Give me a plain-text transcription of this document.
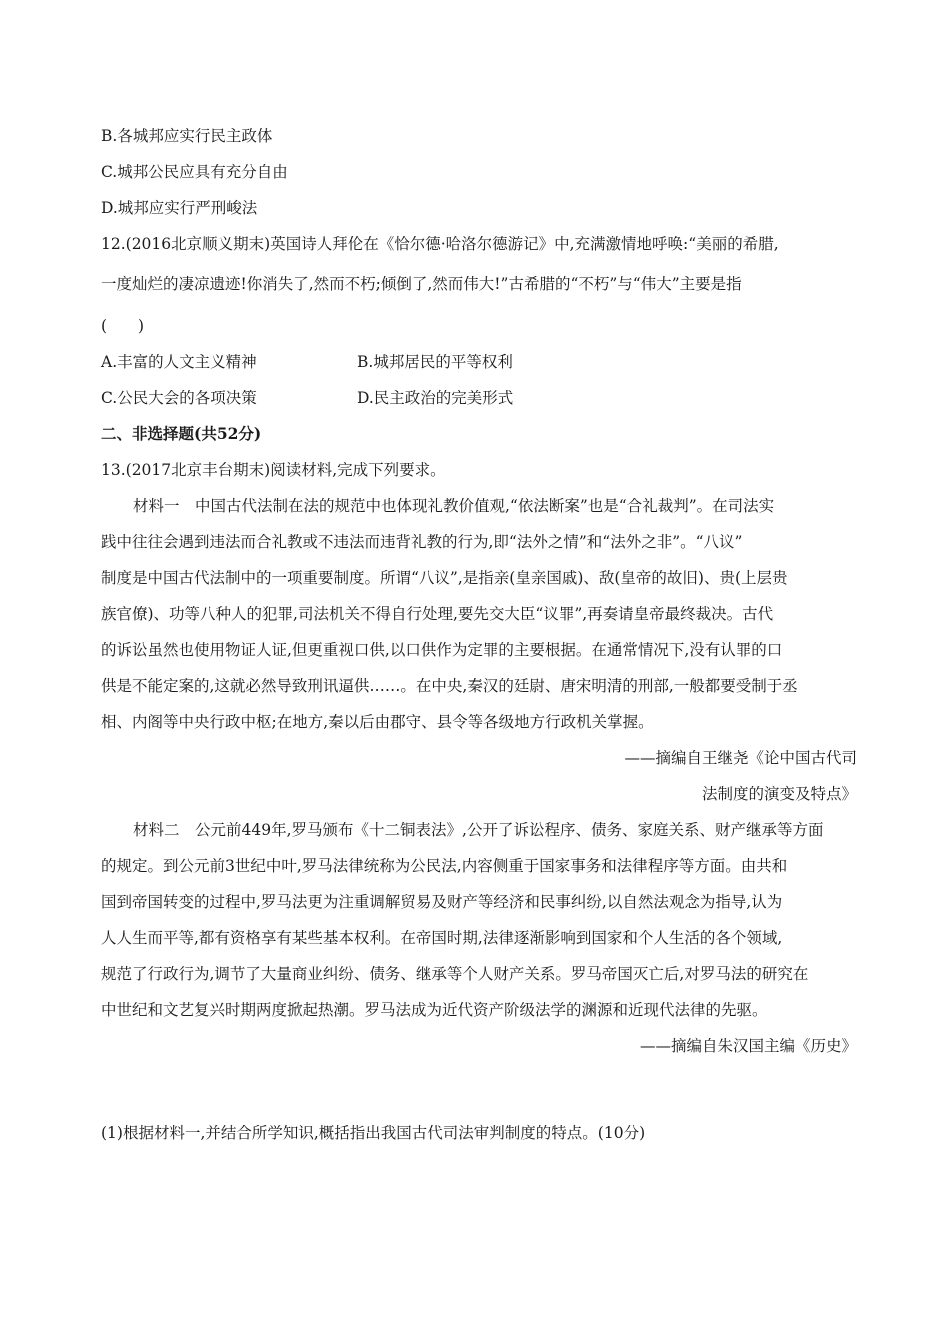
B.各城邦应实行民主政体
C.城邦公民应具有充分自由
D.城邦应实行严刑峻法
12.(2016北京顺义期末)英国诗人拜伦在《恰尔德·哈洛尔德游记》中,充满激情地呼唤:“美丽的希腊,
一度灿烂的凄凉遗迹!你消失了,然而不朽;倾倒了,然而伟大!”古希腊的“不朽”与“伟大”主要是指
(　　)
A.丰富的人文主义精神	B.城邦居民的平等权利
C.公民大会的各项决策	D.民主政治的完美形式
二、非选择题(共52分)
13.(2017北京丰台期末)阅读材料,完成下列要求。
材料一　中国古代法制在法的规范中也体现礼教价值观,“依法断案”也是“合礼裁判”。在司法实
践中往往会遇到违法而合礼教或不违法而违背礼教的行为,即“法外之情”和“法外之非”。“八议”
制度是中国古代法制中的一项重要制度。所谓“八议”,是指亲(皇亲国戚)、敌(皇帝的故旧)、贵(上层贵
族官僚)、功等八种人的犯罪,司法机关不得自行处理,要先交大臣“议罪”,再奏请皇帝最终裁决。古代
的诉讼虽然也使用物证人证,但更重视口供,以口供作为定罪的主要根据。在通常情况下,没有认罪的口
供是不能定案的,这就必然导致刑讯逼供……。在中央,秦汉的廷尉、唐宋明清的刑部,一般都要受制于丞
相、内阁等中央行政中枢;在地方,秦以后由郡守、县令等各级地方行政机关掌握。
——摘编自王继尧《论中国古代司
法制度的演变及特点》
材料二　公元前449年,罗马颁布《十二铜表法》,公开了诉讼程序、债务、家庭关系、财产继承等方面
的规定。到公元前3世纪中叶,罗马法律统称为公民法,内容侧重于国家事务和法律程序等方面。由共和
国到帝国转变的过程中,罗马法更为注重调解贸易及财产等经济和民事纠纷,以自然法观念为指导,认为
人人生而平等,都有资格享有某些基本权利。在帝国时期,法律逐渐影响到国家和个人生活的各个领域,
规范了行政行为,调节了大量商业纠纷、债务、继承等个人财产关系。罗马帝国灭亡后,对罗马法的研究在
中世纪和文艺复兴时期两度掀起热潮。罗马法成为近代资产阶级法学的渊源和近现代法律的先驱。
——摘编自朱汉国主编《历史》
(1)根据材料一,并结合所学知识,概括指出我国古代司法审判制度的特点。(10分)
